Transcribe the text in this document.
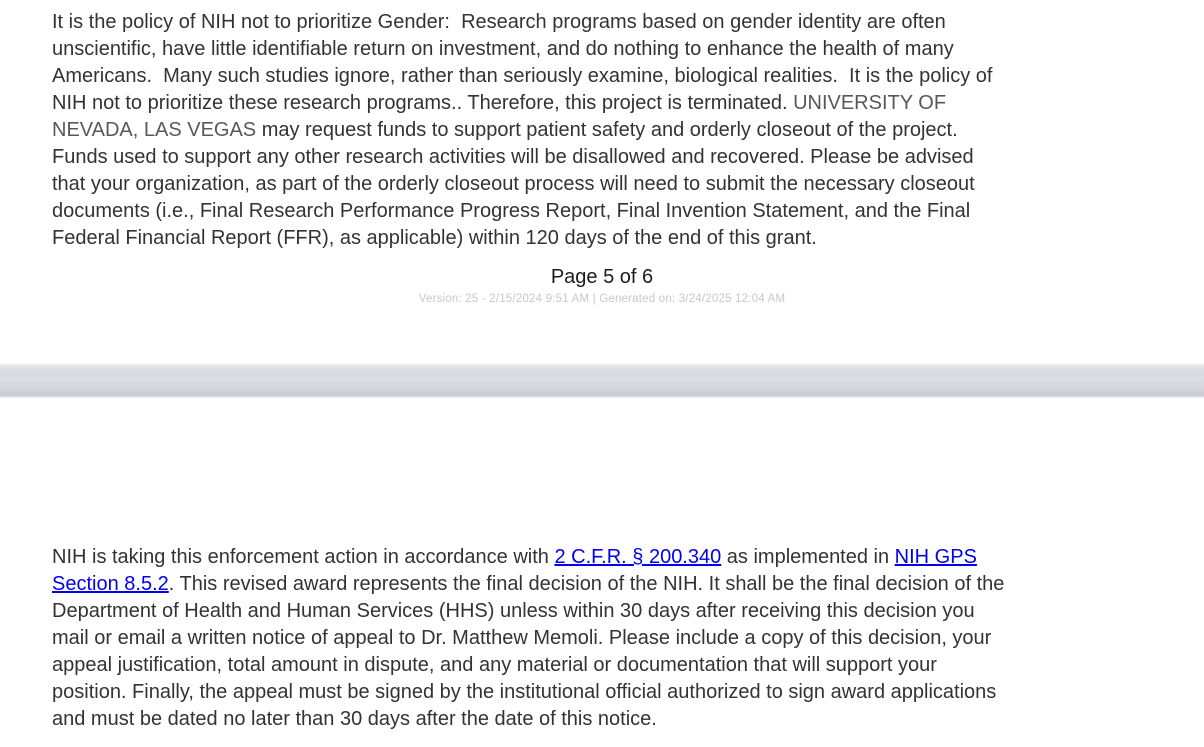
It is the policy of NIH not to prioritize Gender:  Research programs based on gender identity are often
unscientific, have little identifiable return on investment, and do nothing to enhance the health of many
Americans.  Many such studies ignore, rather than seriously examine, biological realities.  It is the policy of
NIH not to prioritize these research programs.. Therefore, this project is terminated. UNIVERSITY OF
NEVADA, LAS VEGAS may request funds to support patient safety and orderly closeout of the project.
Funds used to support any other research activities will be disallowed and recovered. Please be advised
that your organization, as part of the orderly closeout process will need to submit the necessary closeout
documents (i.e., Final Research Performance Progress Report, Final Invention Statement, and the Final
Federal Financial Report (FFR), as applicable) within 120 days of the end of this grant.
Page 5 of 6
Version: 25 - 2/15/2024 9:51 AM | Generated on: 3/24/2025 12:04 AM
NIH is taking this enforcement action in accordance with 2 C.F.R. § 200.340 as implemented in NIH GPS
Section 8.5.2. This revised award represents the final decision of the NIH. It shall be the final decision of the
Department of Health and Human Services (HHS) unless within 30 days after receiving this decision you
mail or email a written notice of appeal to Dr. Matthew Memoli. Please include a copy of this decision, your
appeal justification, total amount in dispute, and any material or documentation that will support your
position. Finally, the appeal must be signed by the institutional official authorized to sign award applications
and must be dated no later than 30 days after the date of this notice.
